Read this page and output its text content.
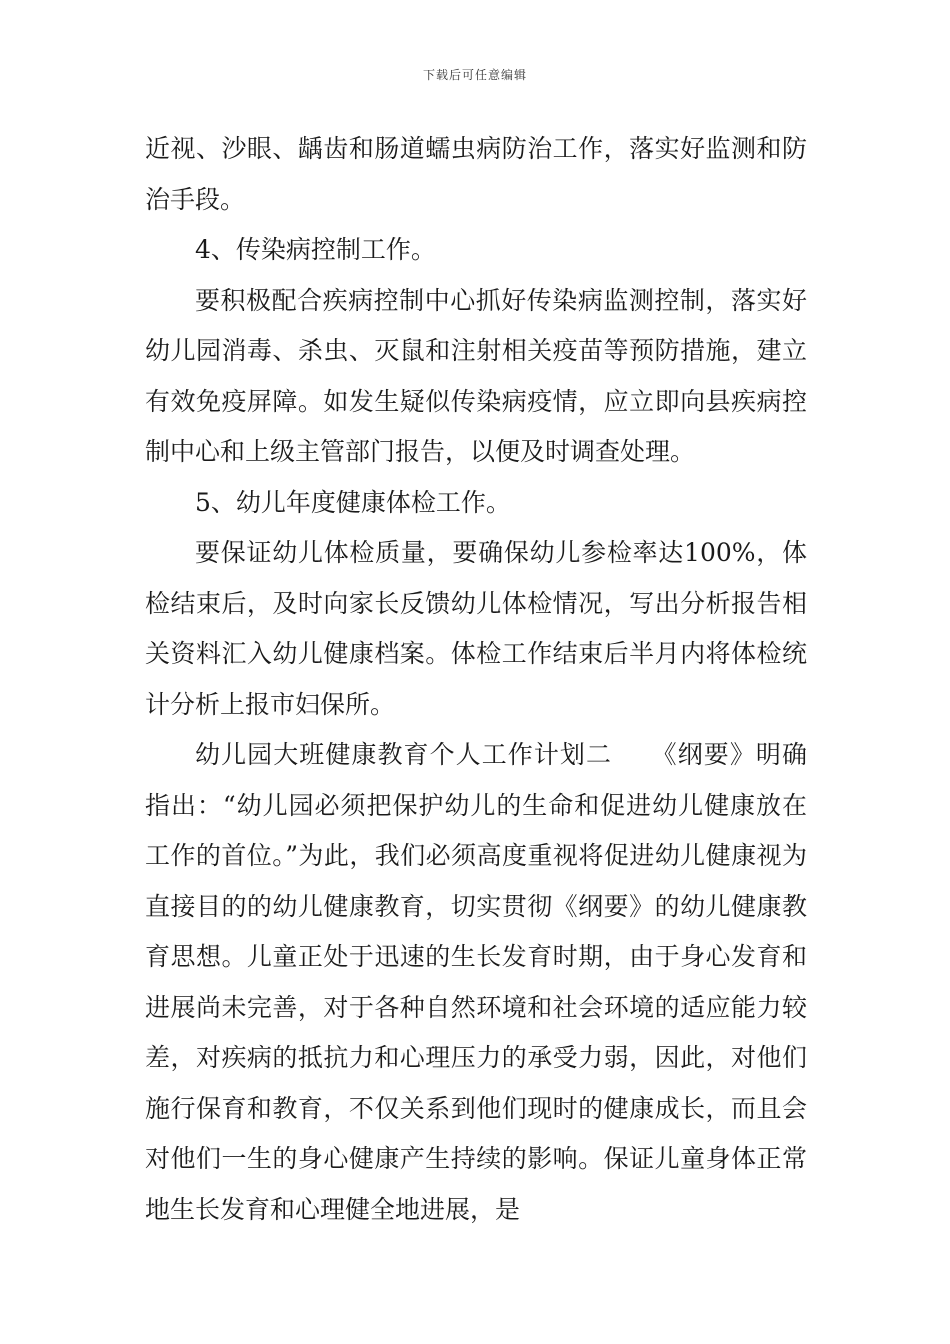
下载后可任意编辑

近视、沙眼、龋齿和肠道蠕虫病防治工作，落实好监测和防治手段。

4、传染病控制工作。

要积极配合疾病控制中心抓好传染病监测控制，落实好幼儿园消毒、杀虫、灭鼠和注射相关疫苗等预防措施，建立有效免疫屏障。如发生疑似传染病疫情，应立即向县疾病控制中心和上级主管部门报告，以便及时调查处理。

5、幼儿年度健康体检工作。

要保证幼儿体检质量，要确保幼儿参检率达100%，体检结束后，及时向家长反馈幼儿体检情况，写出分析报告相关资料汇入幼儿健康档案。体检工作结束后半月内将体检统计分析上报市妇保所。

幼儿园大班健康教育个人工作计划二　　《纲要》明确指出：“幼儿园必须把保护幼儿的生命和促进幼儿健康放在工作的首位。”为此，我们必须高度重视将促进幼儿健康视为直接目的的幼儿健康教育，切实贯彻《纲要》的幼儿健康教育思想。儿童正处于迅速的生长发育时期，由于身心发育和进展尚未完善，对于各种自然环境和社会环境的适应能力较差，对疾病的抵抗力和心理压力的承受力弱，因此，对他们施行保育和教育，不仅关系到他们现时的健康成长，而且会对他们一生的身心健康产生持续的影响。保证儿童身体正常地生长发育和心理健全地进展，是
